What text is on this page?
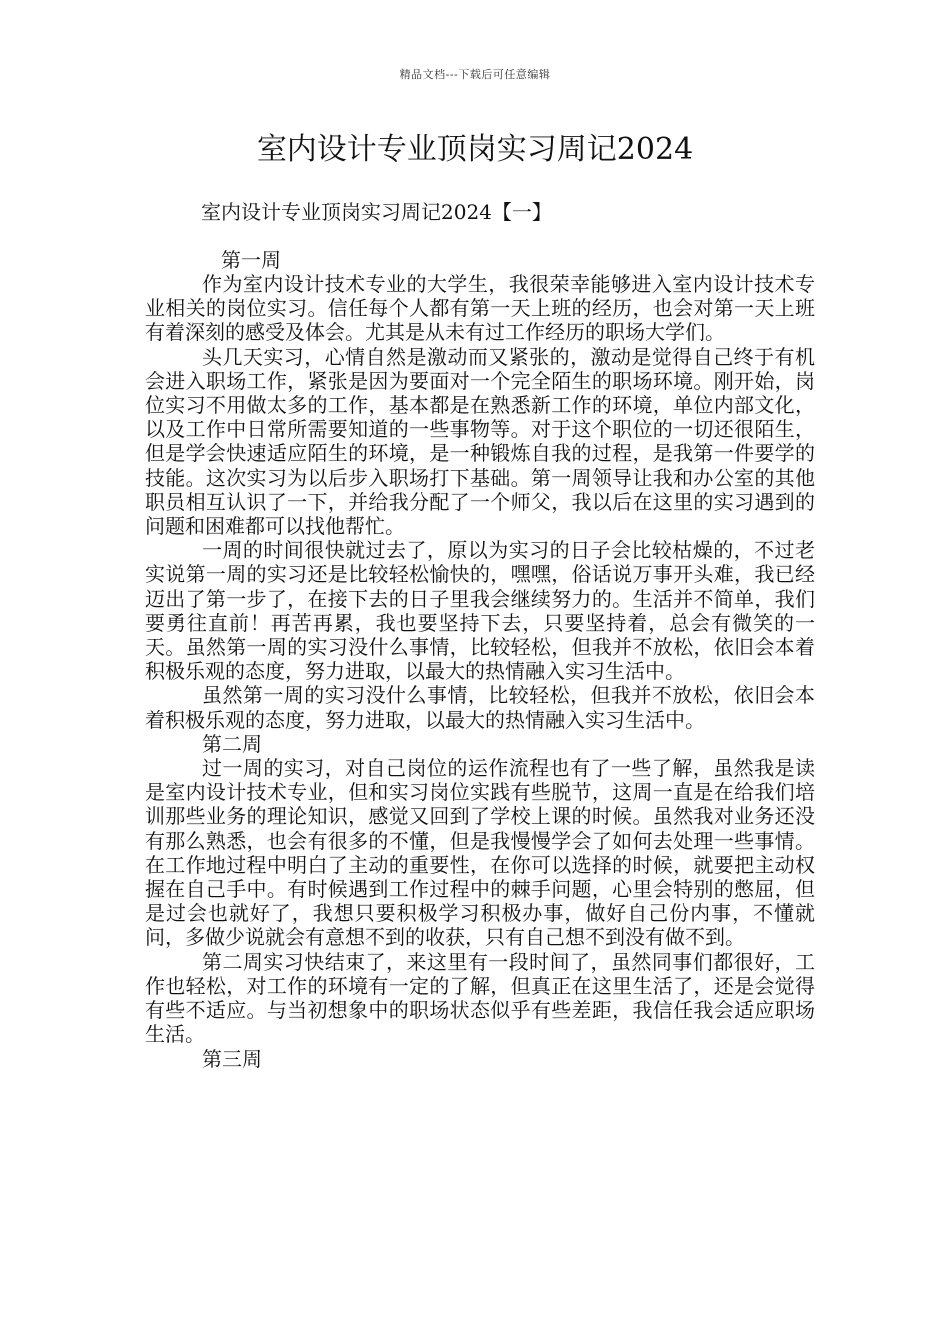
精品文档---下载后可任意编辑
室内设计专业顶岗实习周记2024
室内设计专业顶岗实习周记2024【一】
第一周

作为室内设计技术专业的大学生，我很荣幸能够进入室内设计技术专业相关的岗位实习。信任每个人都有第一天上班的经历，也会对第一天上班有着深刻的感受及体会。尤其是从未有过工作经历的职场大学们。

头几天实习，心情自然是激动而又紧张的，激动是觉得自己终于有机会进入职场工作，紧张是因为要面对一个完全陌生的职场环境。刚开始，岗位实习不用做太多的工作，基本都是在熟悉新工作的环境，单位内部文化，以及工作中日常所需要知道的一些事物等。对于这个职位的一切还很陌生，但是学会快速适应陌生的环境，是一种锻炼自我的过程，是我第一件要学的技能。这次实习为以后步入职场打下基础。第一周领导让我和办公室的其他职员相互认识了一下，并给我分配了一个师父，我以后在这里的实习遇到的问题和困难都可以找他帮忙。

一周的时间很快就过去了，原以为实习的日子会比较枯燥的，不过老实说第一周的实习还是比较轻松愉快的，嘿嘿，俗话说万事开头难，我已经迈出了第一步了，在接下去的日子里我会继续努力的。生活并不简单，我们要勇往直前！再苦再累，我也要坚持下去，只要坚持着，总会有微笑的一天。虽然第一周的实习没什么事情，比较轻松，但我并不放松，依旧会本着积极乐观的态度，努力进取，以最大的热情融入实习生活中。

虽然第一周的实习没什么事情，比较轻松，但我并不放松，依旧会本着积极乐观的态度，努力进取，以最大的热情融入实习生活中。

第二周

过一周的实习，对自己岗位的运作流程也有了一些了解，虽然我是读是室内设计技术专业，但和实习岗位实践有些脱节，这周一直是在给我们培训那些业务的理论知识，感觉又回到了学校上课的时候。虽然我对业务还没有那么熟悉，也会有很多的不懂，但是我慢慢学会了如何去处理一些事情。在工作地过程中明白了主动的重要性，在你可以选择的时候，就要把主动权握在自己手中。有时候遇到工作过程中的棘手问题，心里会特别的憋屈，但是过会也就好了，我想只要积极学习积极办事，做好自己份内事，不懂就问，多做少说就会有意想不到的收获，只有自己想不到没有做不到。

第二周实习快结束了，来这里有一段时间了，虽然同事们都很好，工作也轻松，对工作的环境有一定的了解，但真正在这里生活了，还是会觉得有些不适应。与当初想象中的职场状态似乎有些差距，我信任我会适应职场生活。

第三周
